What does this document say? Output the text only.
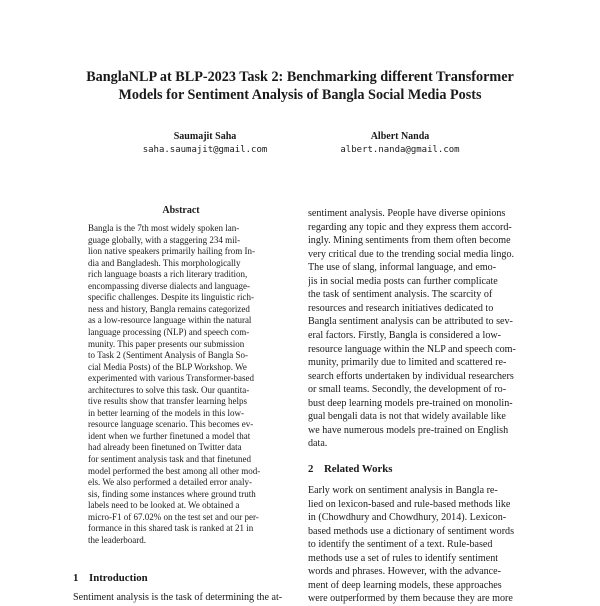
BanglaNLP at BLP-2023 Task 2: Benchmarking different Transformer
Models for Sentiment Analysis of Bangla Social Media Posts
Saumajit Saha
saha.saumajit@gmail.com
Albert Nanda
albert.nanda@gmail.com
Abstract
Bangla is the 7th most widely spoken lan-
guage globally, with a staggering 234 mil-
lion native speakers primarily hailing from In-
dia and Bangladesh. This morphologically
rich language boasts a rich literary tradition,
encompassing diverse dialects and language-
specific challenges. Despite its linguistic rich-
ness and history, Bangla remains categorized
as a low-resource language within the natural
language processing (NLP) and speech com-
munity. This paper presents our submission
to Task 2 (Sentiment Analysis of Bangla So-
cial Media Posts) of the BLP Workshop. We
experimented with various Transformer-based
architectures to solve this task. Our quantita-
tive results show that transfer learning helps
in better learning of the models in this low-
resource language scenario. This becomes ev-
ident when we further finetuned a model that
had already been finetuned on Twitter data
for sentiment analysis task and that finetuned
model performed the best among all other mod-
els. We also performed a detailed error analy-
sis, finding some instances where ground truth
labels need to be looked at. We obtained a
micro-F1 of 67.02% on the test set and our per-
formance in this shared task is ranked at 21 in
the leaderboard.
1 Introduction
Sentiment analysis is the task of determining the at-
sentiment analysis. People have diverse opinions
regarding any topic and they express them accord-
ingly. Mining sentiments from them often become
very critical due to the trending social media lingo.
The use of slang, informal language, and emo-
jis in social media posts can further complicate
the task of sentiment analysis. The scarcity of
resources and research initiatives dedicated to
Bangla sentiment analysis can be attributed to sev-
eral factors. Firstly, Bangla is considered a low-
resource language within the NLP and speech com-
munity, primarily due to limited and scattered re-
search efforts undertaken by individual researchers
or small teams. Secondly, the development of ro-
bust deep learning models pre-trained on monolin-
gual bengali data is not that widely available like
we have numerous models pre-trained on English
data.
2 Related Works
Early work on sentiment analysis in Bangla re-
lied on lexicon-based and rule-based methods like
in (Chowdhury and Chowdhury, 2014). Lexicon-
based methods use a dictionary of sentiment words
to identify the sentiment of a text. Rule-based
methods use a set of rules to identify sentiment
words and phrases. However, with the advance-
ment of deep learning models, these approaches
were outperformed by them because they are more
